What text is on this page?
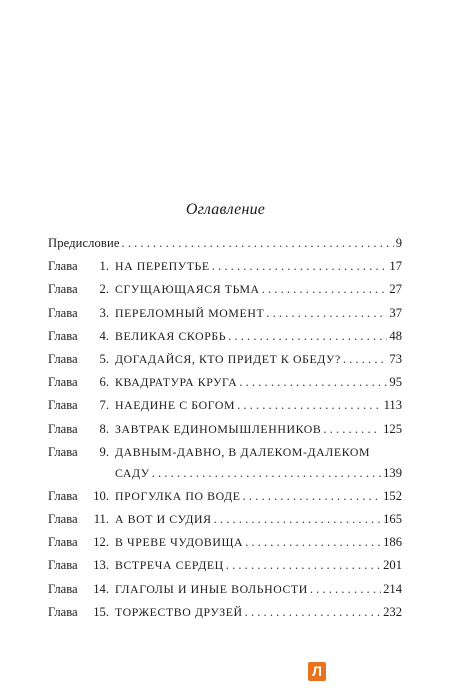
Оглавление
Предисловие . . .	9
Глава	1. НА ПЕРЕПУТЬЕ . . .	17
Глава	2. СГУЩАЮЩАЯСЯ ТЬМА . . .	27
Глава	3. ПЕРЕЛОМНЫЙ МОМЕНТ . . .	37
Глава	4. ВЕЛИКАЯ СКОРБЬ . . .	48
Глава	5. ДОГАДАЙСЯ, КТО ПРИДЕТ К ОБЕДУ? . . .	73
Глава	6. КВАДРАТУРА КРУГА . . .	95
Глава	7. НАЕДИНЕ С БОГОМ . . .	113
Глава	8. ЗАВТРАК ЕДИНОМЫШЛЕННИКОВ . . .	125
Глава	9. ДАВНЫМ-ДАВНО, В ДАЛЕКОМ-ДАЛЕКОМ
САДУ . . .	139
Глава	10. ПРОГУЛКА ПО ВОДЕ . . .	152
Глава	11. А ВОТ И СУДИЯ . . .	165
Глава	12. В ЧРЕВЕ ЧУДОВИЩА . . .	186
Глава	13. ВСТРЕЧА СЕРДЕЦ . . .	201
Глава	14. ГЛАГОЛЫ И ИНЫЕ ВОЛЬНОСТИ . . .	214
Глава	15. ТОРЖЕСТВО ДРУЗЕЙ . . .	232
Л
